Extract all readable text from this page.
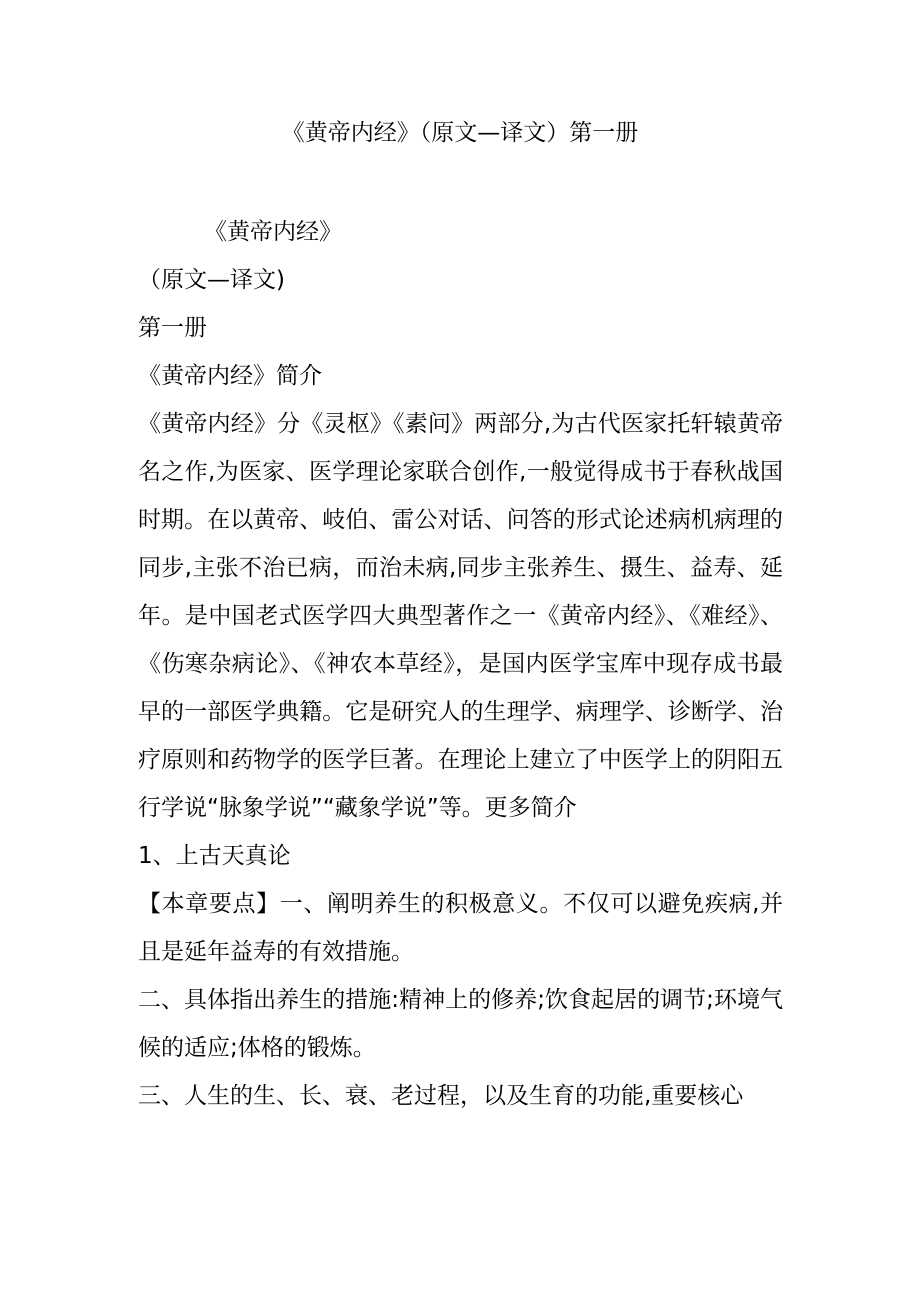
《黄帝内经》（原文—译文）第一册

《黄帝内经》

（原文—译文)

第一册

《黄帝内经》简介

《黄帝内经》分《灵枢》《素问》两部分,为古代医家托轩辕黄帝名之作,为医家、医学理论家联合创作,一般觉得成书于春秋战国时期。在以黄帝、岐伯、雷公对话、问答的形式论述病机病理的同步,主张不治已病，而治未病,同步主张养生、摄生、益寿、延年。是中国老式医学四大典型著作之一《黄帝内经》、《难经》、《伤寒杂病论》、《神农本草经》，是国内医学宝库中现存成书最早的一部医学典籍。它是研究人的生理学、病理学、诊断学、治疗原则和药物学的医学巨著。在理论上建立了中医学上的阴阳五行学说“脉象学说”“藏象学说”等。更多简介

1、上古天真论

【本章要点】一、阐明养生的积极意义。不仅可以避免疾病,并且是延年益寿的有效措施。

二、具体指出养生的措施:精神上的修养;饮食起居的调节;环境气候的适应;体格的锻炼。

三、人生的生、长、衰、老过程，以及生育的功能,重要核心
